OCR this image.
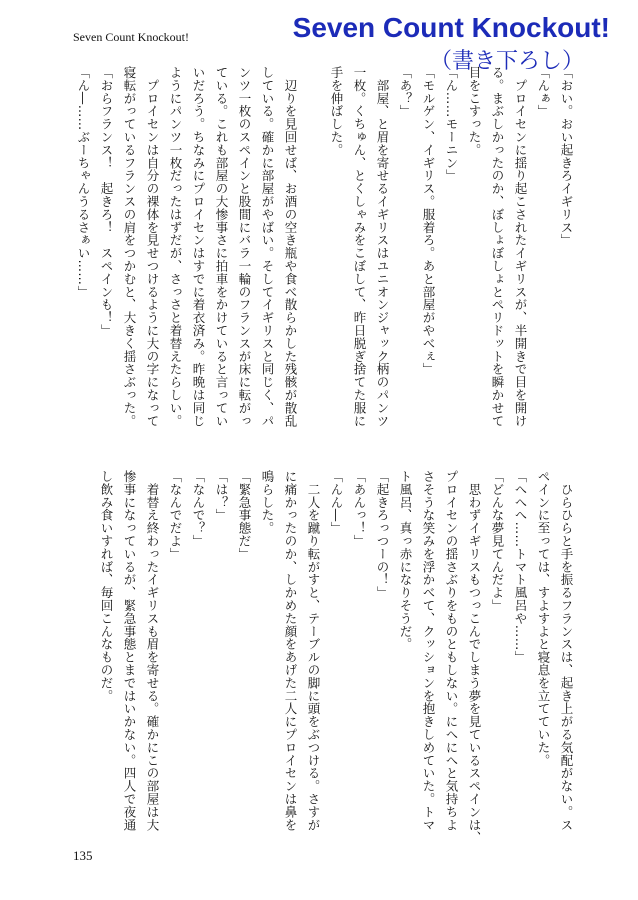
Seven Count Knockout!	Seven Count Knockout!
（書き下ろし）
「おい。おい起きろイギリス」
「んぁ」
　プロイセンに揺り起こされたイギリスが、半開きで目を開け
る。まぶしかったのか、ぼしょぼしょとぺリドットを瞬かせて
目をこすった。
「ん……モーニン」
「モルゲン、イギリス。服着ろ。あと部屋がやべぇ」
「あ？」
　部屋、と眉を寄せるイギリスはユニオンジャック柄のパンツ
一枚。くちゅん、とくしゃみをこぼして、昨日脱ぎ捨てた服に
手を伸ばした。

　辺りを見回せば、お酒の空き瓶や食べ散らかした残骸が散乱
している。確かに部屋がやばい。そしてイギリスと同じく、パ
ンツ一枚のスペインと股間にバラ一輪のフランスが床に転がっ
ている。これも部屋の大惨事さに拍車をかけていると言ってい
いだろう。ちなみにプロイセンはすでに着衣済み。昨晩は同じ
ようにパンツ一枚だったはずだが、さっさと着替えたらしい。
　プロイセンは自分の裸体を見せつけるように大の字になって
寝転がっているフランスの肩をつかむと、大きく揺さぶった。
「おらフランス！　起きろ！　スペインも！」
「ん―……ぶーちゃんうるさぁい……」
　ひらひらと手を振るフランスは、起き上がる気配がない。ス
ペインに至っては、すよすよと寝息を立てていた。
「へへへ……トマト風呂や……」
「どんな夢見てんだよ」
　思わずイギリスもつっこんでしまう夢を見ているスペインは、
プロイセンの揺さぶりをものともしない。にへにへと気持ちよ
さそうな笑みを浮かべて、クッションを抱きしめていた。トマ
ト風呂、真っ赤になりそうだ。
「起きろっつーの！」
「あんっ！」
「んん―」
　二人を蹴り転がすと、テーブルの脚に頭をぶつける。さすが
に痛かったのか、しかめた顔をあげた二人にプロイセンは鼻を
鳴らした。
「緊急事態だ」
「は？」
「なんで？」
「なんでだよ」
　着替え終わったイギリスも眉を寄せる。確かにこの部屋は大
惨事になっているが、緊急事態とまではいかない。四人で夜通
し飲み食いすれば、毎回こんなものだ。
135
